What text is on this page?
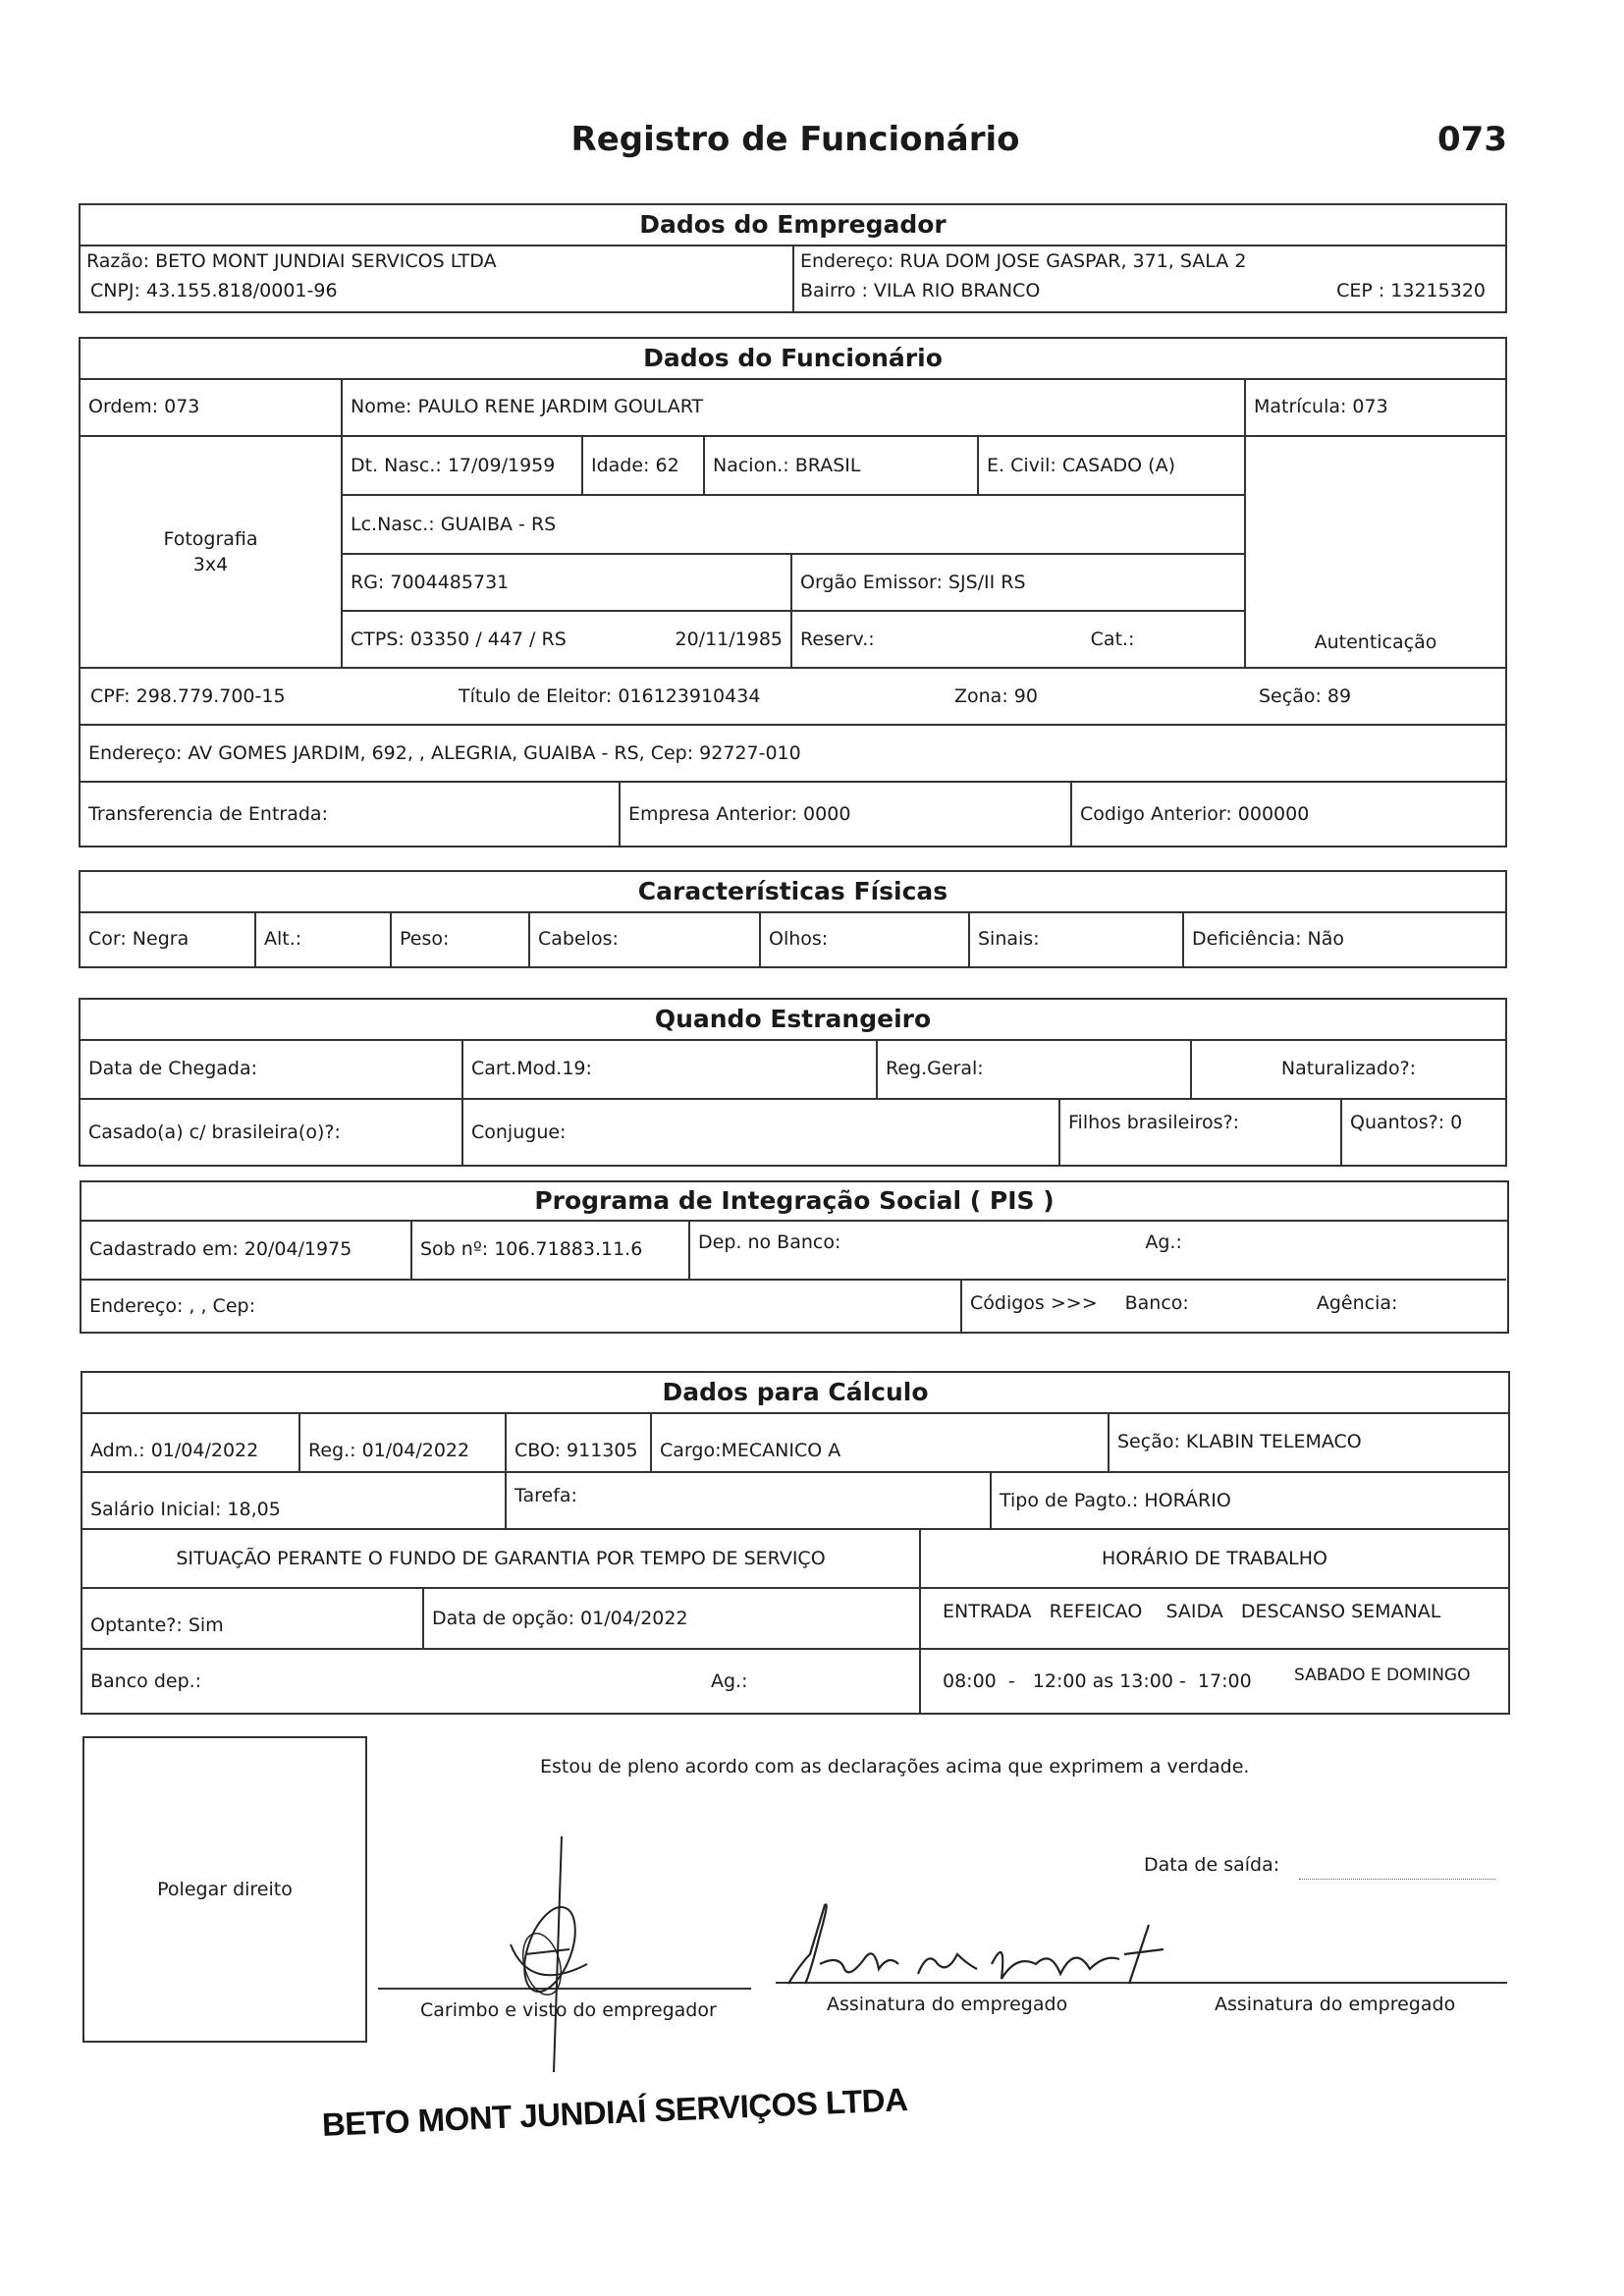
Registro de Funcionário	073
Dados do Empregador
Razão: BETO MONT JUNDIAI SERVICOS LTDA
CNPJ: 43.155.818/0001-96
Endereço: RUA DOM JOSE GASPAR, 371, SALA 2
Bairro : VILA RIO BRANCO	CEP : 13215320
Dados do Funcionário
Ordem: 073	Nome: PAULO RENE JARDIM GOULART	Matrícula: 073
Fotografia
3x4
Dt. Nasc.: 17/09/1959	Idade: 62	Nacion.: BRASIL	E. Civil: CASADO (A)
Lc.Nasc.: GUAIBA - RS
RG: 7004485731	Orgão Emissor: SJS/II RS
CTPS: 03350 / 447 / RS	20/11/1985 Reserv.:	Cat.:	Autenticação
CPF: 298.779.700-15	Título de Eleitor: 016123910434	Zona: 90	Seção: 89
Endereço: AV GOMES JARDIM, 692, , ALEGRIA, GUAIBA - RS, Cep: 92727-010
Transferencia de Entrada:	Empresa Anterior: 0000	Codigo Anterior: 000000
Características Físicas
Cor: Negra	Alt.:	Peso:	Cabelos:	Olhos:	Sinais:	Deficiência: Não
Quando Estrangeiro
Data de Chegada:	Cart.Mod.19:	Reg.Geral:	Naturalizado?:
Casado(a) c/ brasileira(o)?:	Conjugue:	Filhos brasileiros?:	Quantos?: 0
Programa de Integração Social ( PIS )
Cadastrado em: 20/04/1975	Sob nº: 106.71883.11.6	Dep. no Banco:	Ag.:
Endereço: , , Cep:	Códigos >>> Banco:	Agência:
Dados para Cálculo
Adm.: 01/04/2022	Reg.: 01/04/2022	CBO: 911305	Cargo:MECANICO A	Seção: KLABIN TELEMACO
Salário Inicial: 18,05
Tarefa:	Tipo de Pagto.: HORÁRIO
SITUAÇÃO PERANTE O FUNDO DE GARANTIA POR TEMPO DE SERVIÇO	HORÁRIO DE TRABALHO
Optante?: Sim	Data de opção: 01/04/2022	ENTRADA   REFEICAO    SAIDA   DESCANSO SEMANAL
Banco dep.:	Ag.:	08:00  -   12:00 as 13:00 -  17:00	SABADO E DOMINGO
Polegar direito
Estou de pleno acordo com as declarações acima que exprimem a verdade.
Data de saída:
Carimbo e visto do empregador	Assinatura do empregado	Assinatura do empregado
BETO MONT JUNDIAÍ SERVIÇOS LTDA
